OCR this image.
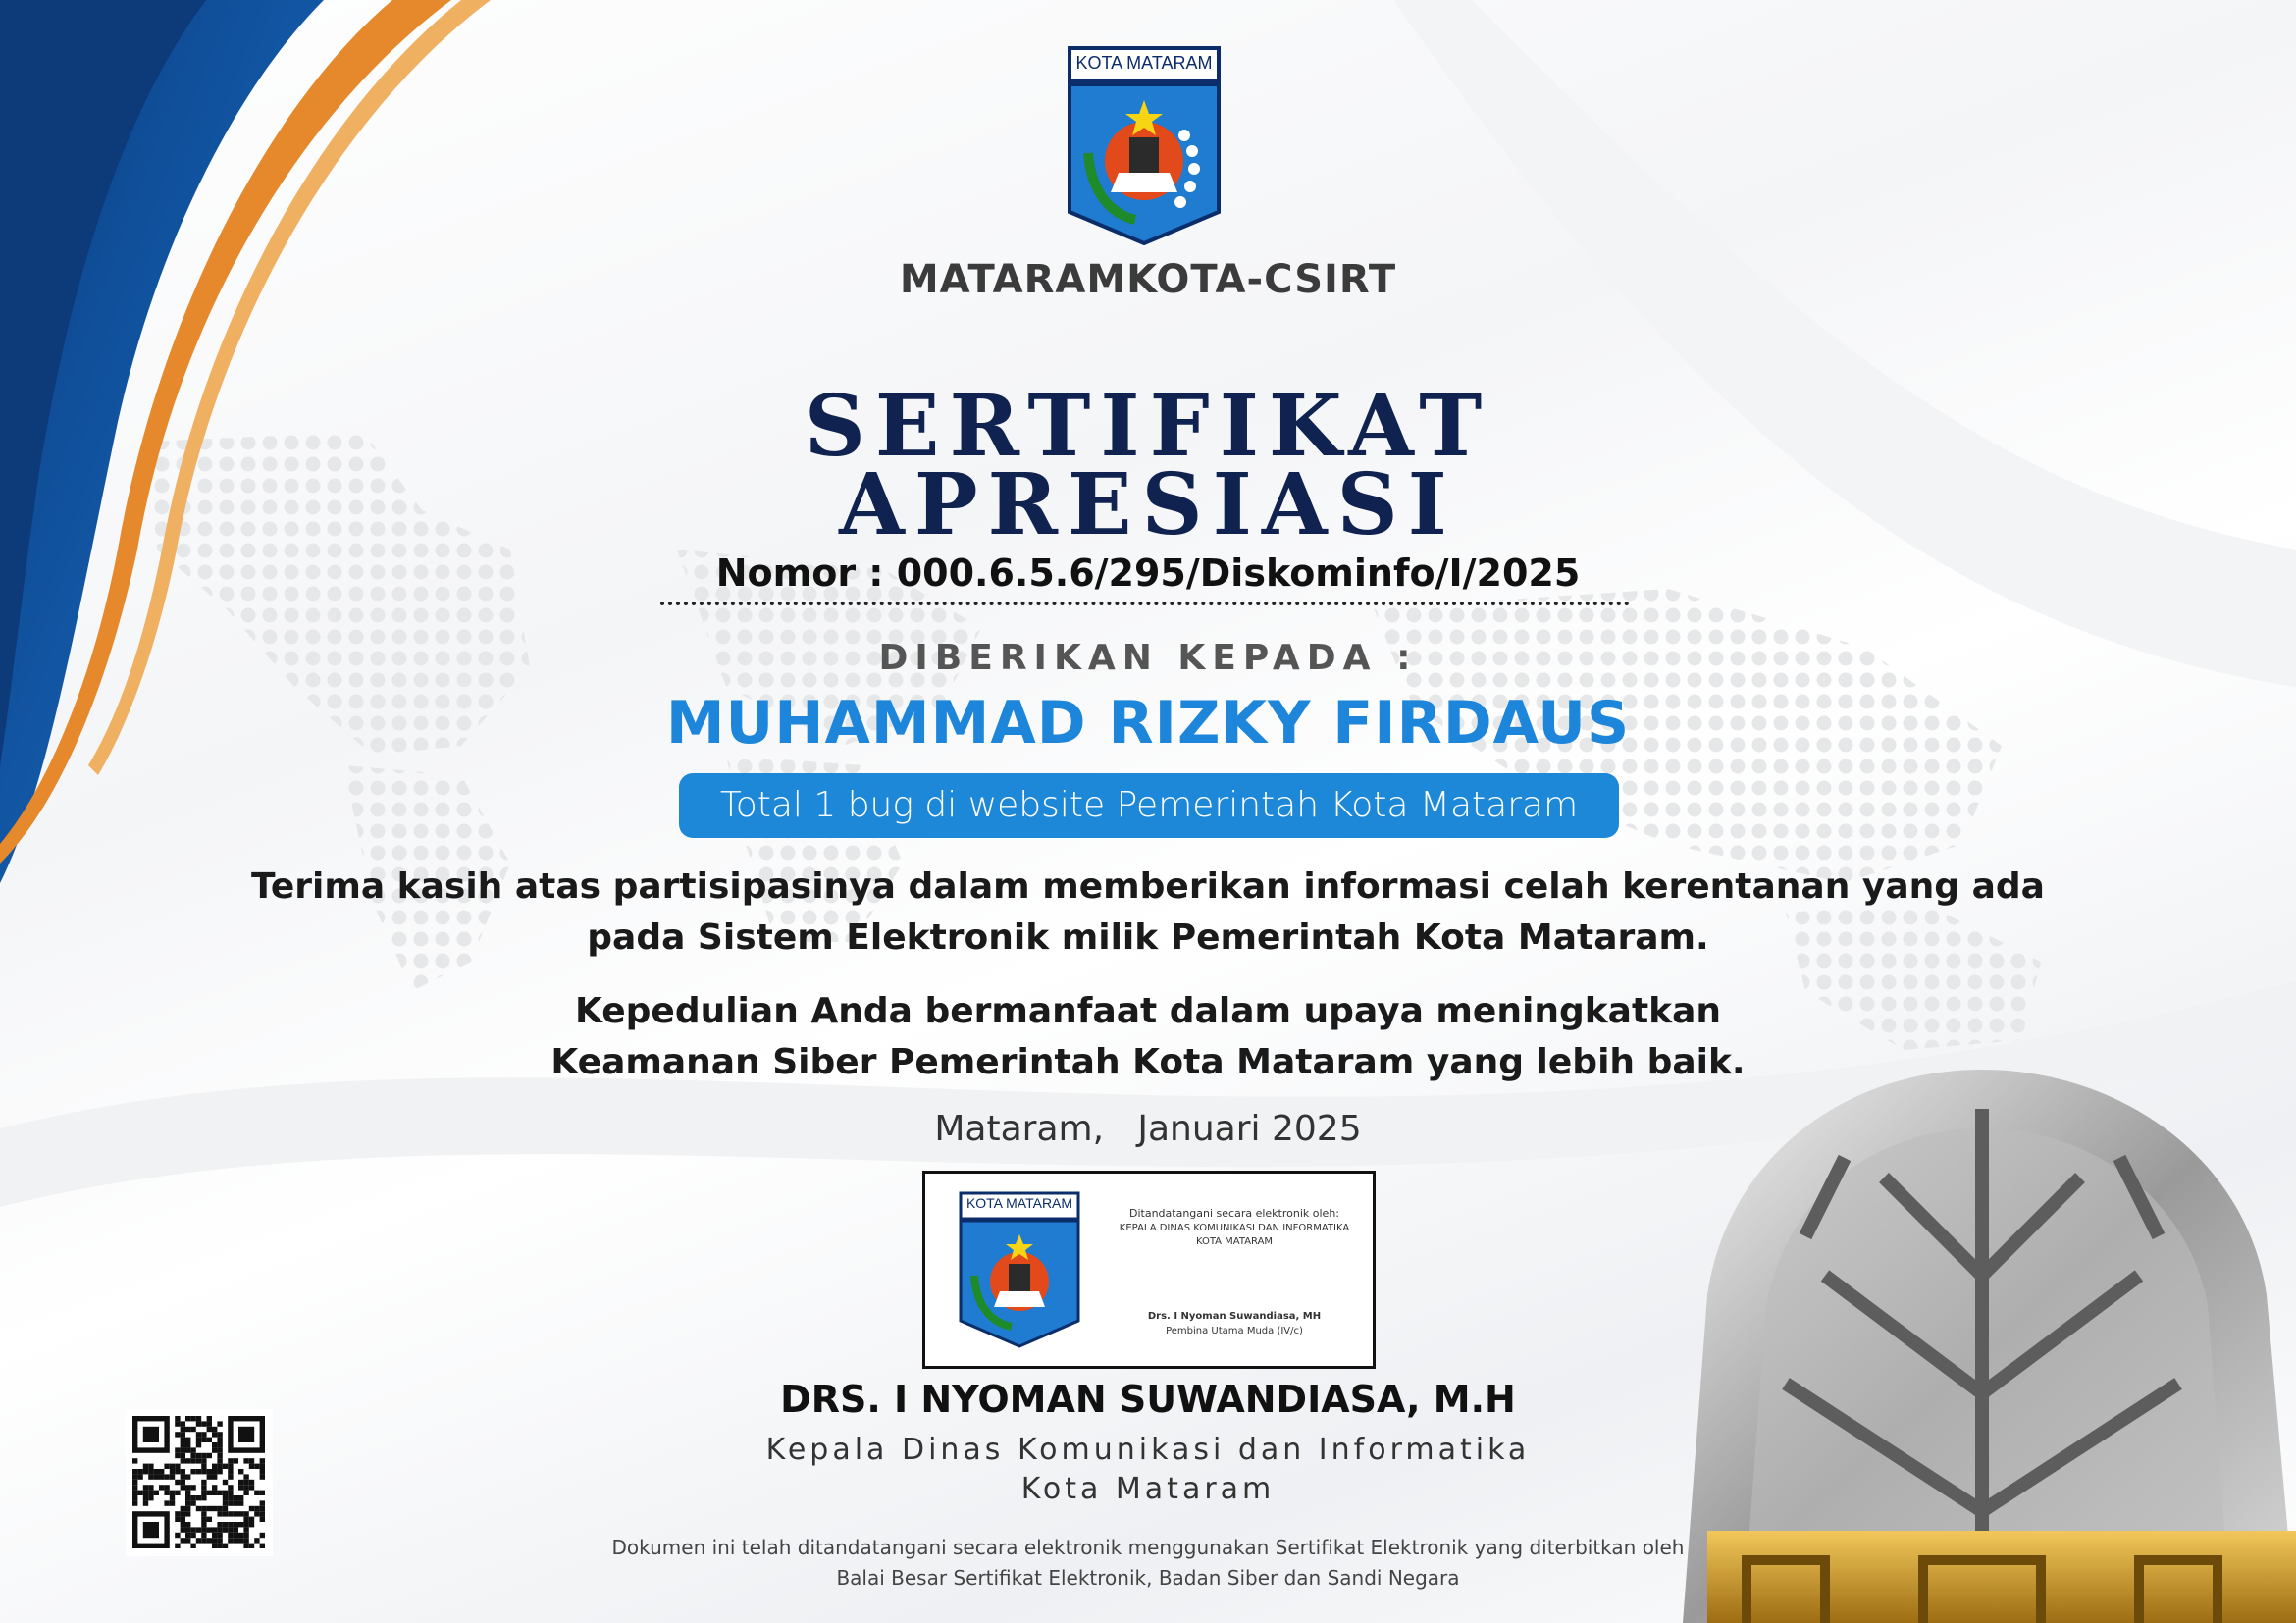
KOTA MATARAM
MATARAMKOTA-CSIRT
SERTIFIKAT
APRESIASI
Nomor : 000.6.5.6/295/Diskominfo/I/2025
DIBERIKAN KEPADA :
MUHAMMAD RIZKY FIRDAUS
Total 1 bug di website Pemerintah Kota Mataram
Terima kasih atas partisipasinya dalam memberikan informasi celah kerentanan yang ada
pada Sistem Elektronik milik Pemerintah Kota Mataram.
Kepedulian Anda bermanfaat dalam upaya meningkatkan
Keamanan Siber Pemerintah Kota Mataram yang lebih baik.
Mataram,   Januari 2025
KOTA MATARAM
Ditandatangani secara elektronik oleh:
KEPALA DINAS KOMUNIKASI DAN INFORMATIKA
KOTA MATARAM
Drs. I Nyoman Suwandiasa, MH
Pembina Utama Muda (IV/c)
DRS. I NYOMAN SUWANDIASA, M.H
Kepala Dinas Komunikasi dan Informatika
Kota Mataram
Dokumen ini telah ditandatangani secara elektronik menggunakan Sertifikat Elektronik yang diterbitkan oleh
Balai Besar Sertifikat Elektronik, Badan Siber dan Sandi Negara
